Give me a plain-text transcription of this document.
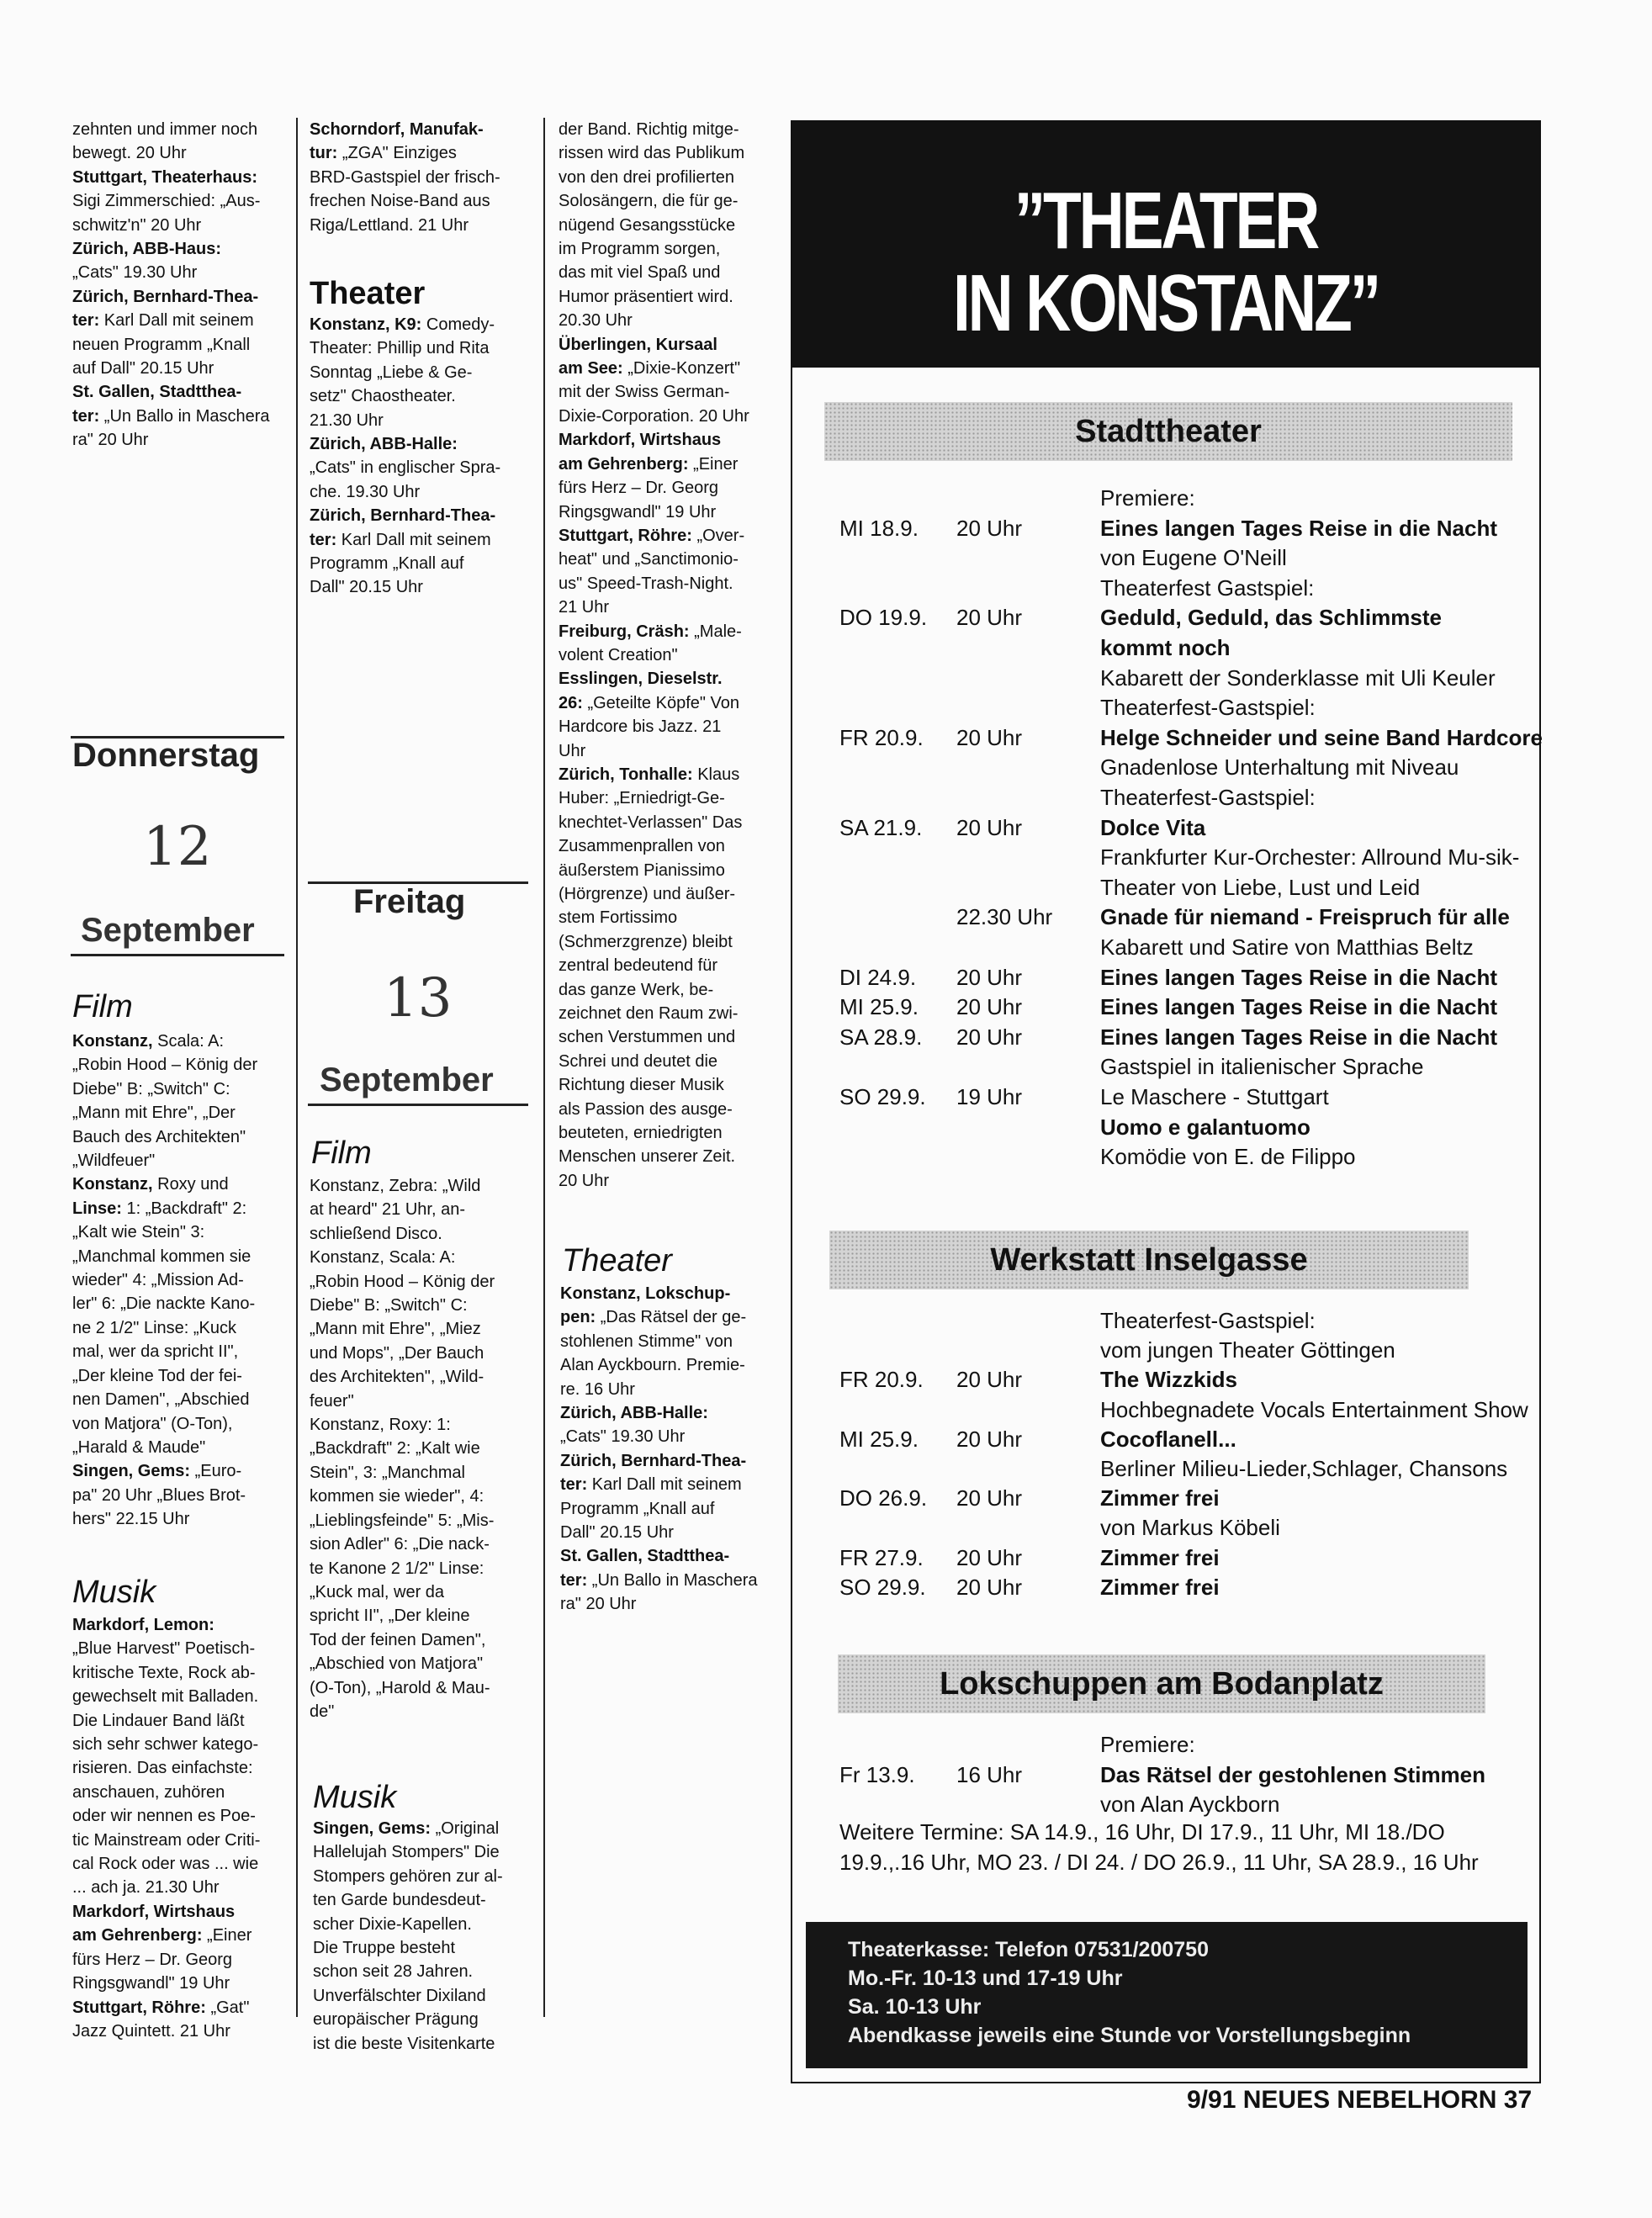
zehnten und immer noch

bewegt. 20 Uhr

Stuttgart, Theaterhaus:

Sigi Zimmerschied: „Aus-

schwitz'n" 20 Uhr

Zürich, ABB-Haus:

„Cats" 19.30 Uhr

Zürich, Bernhard-Thea-

ter: Karl Dall mit seinem

neuen Programm „Knall

auf Dall" 20.15 Uhr

St. Gallen, Stadtthea-

ter: „Un Ballo in Maschera

ra" 20 Uhr

Donnerstag
12
September
Film

Konstanz, Scala: A:

„Robin Hood – König der

Diebe" B: „Switch" C:

„Mann mit Ehre", „Der

Bauch des Architekten"

„Wildfeuer"

Konstanz, Roxy und

Linse: 1: „Backdraft" 2:

„Kalt wie Stein" 3:

„Manchmal kommen sie

wieder" 4: „Mission Ad-

ler" 6: „Die nackte Kano-

ne 2 1/2" Linse: „Kuck

mal, wer da spricht II",

„Der kleine Tod der fei-

nen Damen", „Abschied

von Matjora" (O-Ton),

„Harald & Maude"

Singen, Gems: „Euro-

pa" 20 Uhr „Blues Brot-

hers" 22.15 Uhr

Musik

Markdorf, Lemon:

„Blue Harvest" Poetisch-

kritische Texte, Rock ab-

gewechselt mit Balladen.

Die Lindauer Band läßt

sich sehr schwer katego-

risieren. Das einfachste:

anschauen, zuhören

oder wir nennen es Poe-

tic Mainstream oder Criti-

cal Rock oder was ... wie

... ach ja. 21.30 Uhr

Markdorf, Wirtshaus

am Gehrenberg: „Einer

fürs Herz – Dr. Georg

Ringsgwandl" 19 Uhr

Stuttgart, Röhre: „Gat"

Jazz Quintett. 21 Uhr

Schorndorf, Manufak-

tur: „ZGA" Einziges

BRD-Gastspiel der frisch-

frechen Noise-Band aus

Riga/Lettland. 21 Uhr

Theater

Konstanz, K9: Comedy-

Theater: Phillip und Rita

Sonntag „Liebe & Ge-

setz" Chaostheater.

21.30 Uhr

Zürich, ABB-Halle:

„Cats" in englischer Spra-

che. 19.30 Uhr

Zürich, Bernhard-Thea-

ter: Karl Dall mit seinem

Programm „Knall auf

Dall" 20.15 Uhr

Freitag
13
September
Film

Konstanz, Zebra: „Wild

at heard" 21 Uhr, an-

schließend Disco.

Konstanz, Scala: A:

„Robin Hood – König der

Diebe" B: „Switch" C:

„Mann mit Ehre", „Miez

und Mops", „Der Bauch

des Architekten", „Wild-

feuer"

Konstanz, Roxy: 1:

„Backdraft" 2: „Kalt wie

Stein", 3: „Manchmal

kommen sie wieder", 4:

„Lieblingsfeinde" 5: „Mis-

sion Adler" 6: „Die nack-

te Kanone 2 1/2" Linse:

„Kuck mal, wer da

spricht II", „Der kleine

Tod der feinen Damen",

„Abschied von Matjora"

(O-Ton), „Harold & Mau-

de"

Musik

Singen, Gems: „Original

Hallelujah Stompers" Die

Stompers gehören zur al-

ten Garde bundesdeut-

scher Dixie-Kapellen.

Die Truppe besteht

schon seit 28 Jahren.

Unverfälschter Dixiland

europäischer Prägung

ist die beste Visitenkarte

der Band. Richtig mitge-

rissen wird das Publikum

von den drei profilierten

Solosängern, die für ge-

nügend Gesangsstücke

im Programm sorgen,

das mit viel Spaß und

Humor präsentiert wird.

20.30 Uhr

Überlingen, Kursaal

am See: „Dixie-Konzert"

mit der Swiss German-

Dixie-Corporation. 20 Uhr

Markdorf, Wirtshaus

am Gehrenberg: „Einer

fürs Herz – Dr. Georg

Ringsgwandl" 19 Uhr

Stuttgart, Röhre: „Over-

heat" und „Sanctimonio-

us" Speed-Trash-Night.

21 Uhr

Freiburg, Cräsh: „Male-

volent Creation"

Esslingen, Dieselstr.

26: „Geteilte Köpfe" Von

Hardcore bis Jazz. 21

Uhr

Zürich, Tonhalle: Klaus

Huber: „Erniedrigt-Ge-

knechtet-Verlassen" Das

Zusammenprallen von

äußerstem Pianissimo

(Hörgrenze) und äußer-

stem Fortissimo

(Schmerzgrenze) bleibt

zentral bedeutend für

das ganze Werk, be-

zeichnet den Raum zwi-

schen Verstummen und

Schrei und deutet die

Richtung dieser Musik

als Passion des ausge-

beuteten, erniedrigten

Menschen unserer Zeit.

20 Uhr

Theater

Konstanz, Lokschup-

pen: „Das Rätsel der ge-

stohlenen Stimme" von

Alan Ayckbourn. Premie-

re. 16 Uhr

Zürich, ABB-Halle:

„Cats" 19.30 Uhr

Zürich, Bernhard-Thea-

ter: Karl Dall mit seinem

Programm „Knall auf

Dall" 20.15 Uhr

St. Gallen, Stadtthea-

ter: „Un Ballo in Maschera

ra" 20 Uhr

”THEATER
IN KONSTANZ”
Stadttheater
Premiere:
MI 18.9. 20 Uhr	Eines langen Tages Reise in die Nacht
von Eugene O'Neill
Theaterfest Gastspiel:
DO 19.9. 20 Uhr	Geduld, Geduld, das Schlimmste
kommt noch
Kabarett der Sonderklasse mit Uli Keuler
Theaterfest-Gastspiel:
FR 20.9. 20 Uhr	Helge Schneider und seine Band Hardcore
Gnadenlose Unterhaltung mit Niveau
Theaterfest-Gastspiel:
SA 21.9. 20 Uhr	Dolce Vita
Frankfurter Kur-Orchester: Allround Mu-sik-
Theater von Liebe, Lust und Leid
22.30 Uhr Gnade für niemand - Freispruch für alle
Kabarett und Satire von Matthias Beltz
DI 24.9. 20 Uhr	Eines langen Tages Reise in die Nacht
MI 25.9. 20 Uhr	Eines langen Tages Reise in die Nacht
SA 28.9. 20 Uhr	Eines langen Tages Reise in die Nacht
Gastspiel in italienischer Sprache
SO 29.9. 19 Uhr	Le Maschere - Stuttgart
Uomo e galantuomo
Komödie von E. de Filippo
Werkstatt Inselgasse
Theaterfest-Gastspiel:
vom jungen Theater Göttingen
FR 20.9. 20 Uhr	The Wizzkids
Hochbegnadete Vocals Entertainment Show
MI 25.9. 20 Uhr	Cocoflanell...
Berliner Milieu-Lieder,Schlager, Chansons
DO 26.9. 20 Uhr	Zimmer frei
von Markus Köbeli
FR 27.9. 20 Uhr	Zimmer frei
SO 29.9. 20 Uhr	Zimmer frei
Lokschuppen am Bodanplatz
Premiere:
Fr 13.9. 16 Uhr	Das Rätsel der gestohlenen Stimmen
von Alan Ayckborn
Weitere Termine: SA 14.9., 16 Uhr, DI 17.9., 11 Uhr, MI 18./DO
19.9.,.16 Uhr, MO 23. / DI 24. / DO 26.9., 11 Uhr, SA 28.9., 16 Uhr

Theaterkasse: Telefon 07531/200750

Mo.-Fr. 10-13 und 17-19 Uhr

Sa. 10-13 Uhr

Abendkasse jeweils eine Stunde vor Vorstellungsbeginn

9/91 NEUES NEBELHORN 37
